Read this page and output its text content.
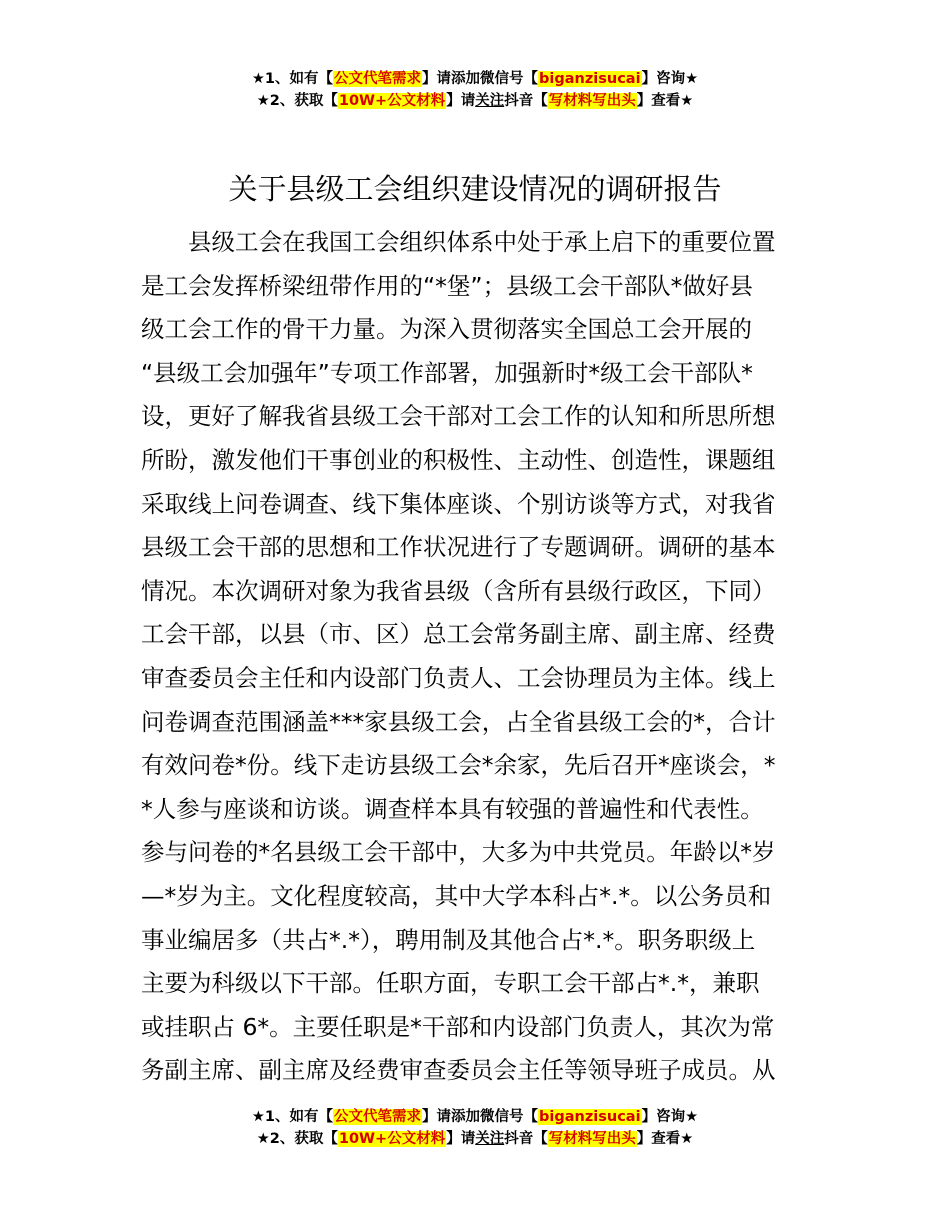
★1、如有【公文代笔需求】请添加微信号【biganzisucai】咨询★
★2、获取【10W+公文材料】请关注抖音【写材料写出头】查看★
关于县级工会组织建设情况的调研报告
　　县级工会在我国工会组织体系中处于承上启下的重要位置
是工会发挥桥梁纽带作用的“*堡”；县级工会干部队*做好县
级工会工作的骨干力量。为深入贯彻落实全国总工会开展的
“县级工会加强年”专项工作部署，加强新时*级工会干部队*
设，更好了解我省县级工会干部对工会工作的认知和所思所想
所盼，激发他们干事创业的积极性、主动性、创造性，课题组
采取线上问卷调查、线下集体座谈、个别访谈等方式，对我省
县级工会干部的思想和工作状况进行了专题调研。调研的基本
情况。本次调研对象为我省县级（含所有县级行政区，下同）
工会干部，以县（市、区）总工会常务副主席、副主席、经费
审查委员会主任和内设部门负责人、工会协理员为主体。线上
问卷调查范围涵盖***家县级工会，占全省县级工会的*，合计
有效问卷*份。线下走访县级工会*余家，先后召开*座谈会，*
*人参与座谈和访谈。调查样本具有较强的普遍性和代表性。
参与问卷的*名县级工会干部中，大多为中共党员。年龄以*岁
—*岁为主。文化程度较高，其中大学本科占*.*。以公务员和
事业编居多（共占*.*），聘用制及其他合占*.*。职务职级上
主要为科级以下干部。任职方面，专职工会干部占*.*，兼职
或挂职占 6*。主要任职是*干部和内设部门负责人，其次为常
务副主席、副主席及经费审查委员会主任等领导班子成员。从
★1、如有【公文代笔需求】请添加微信号【biganzisucai】咨询★
★2、获取【10W+公文材料】请关注抖音【写材料写出头】查看★
